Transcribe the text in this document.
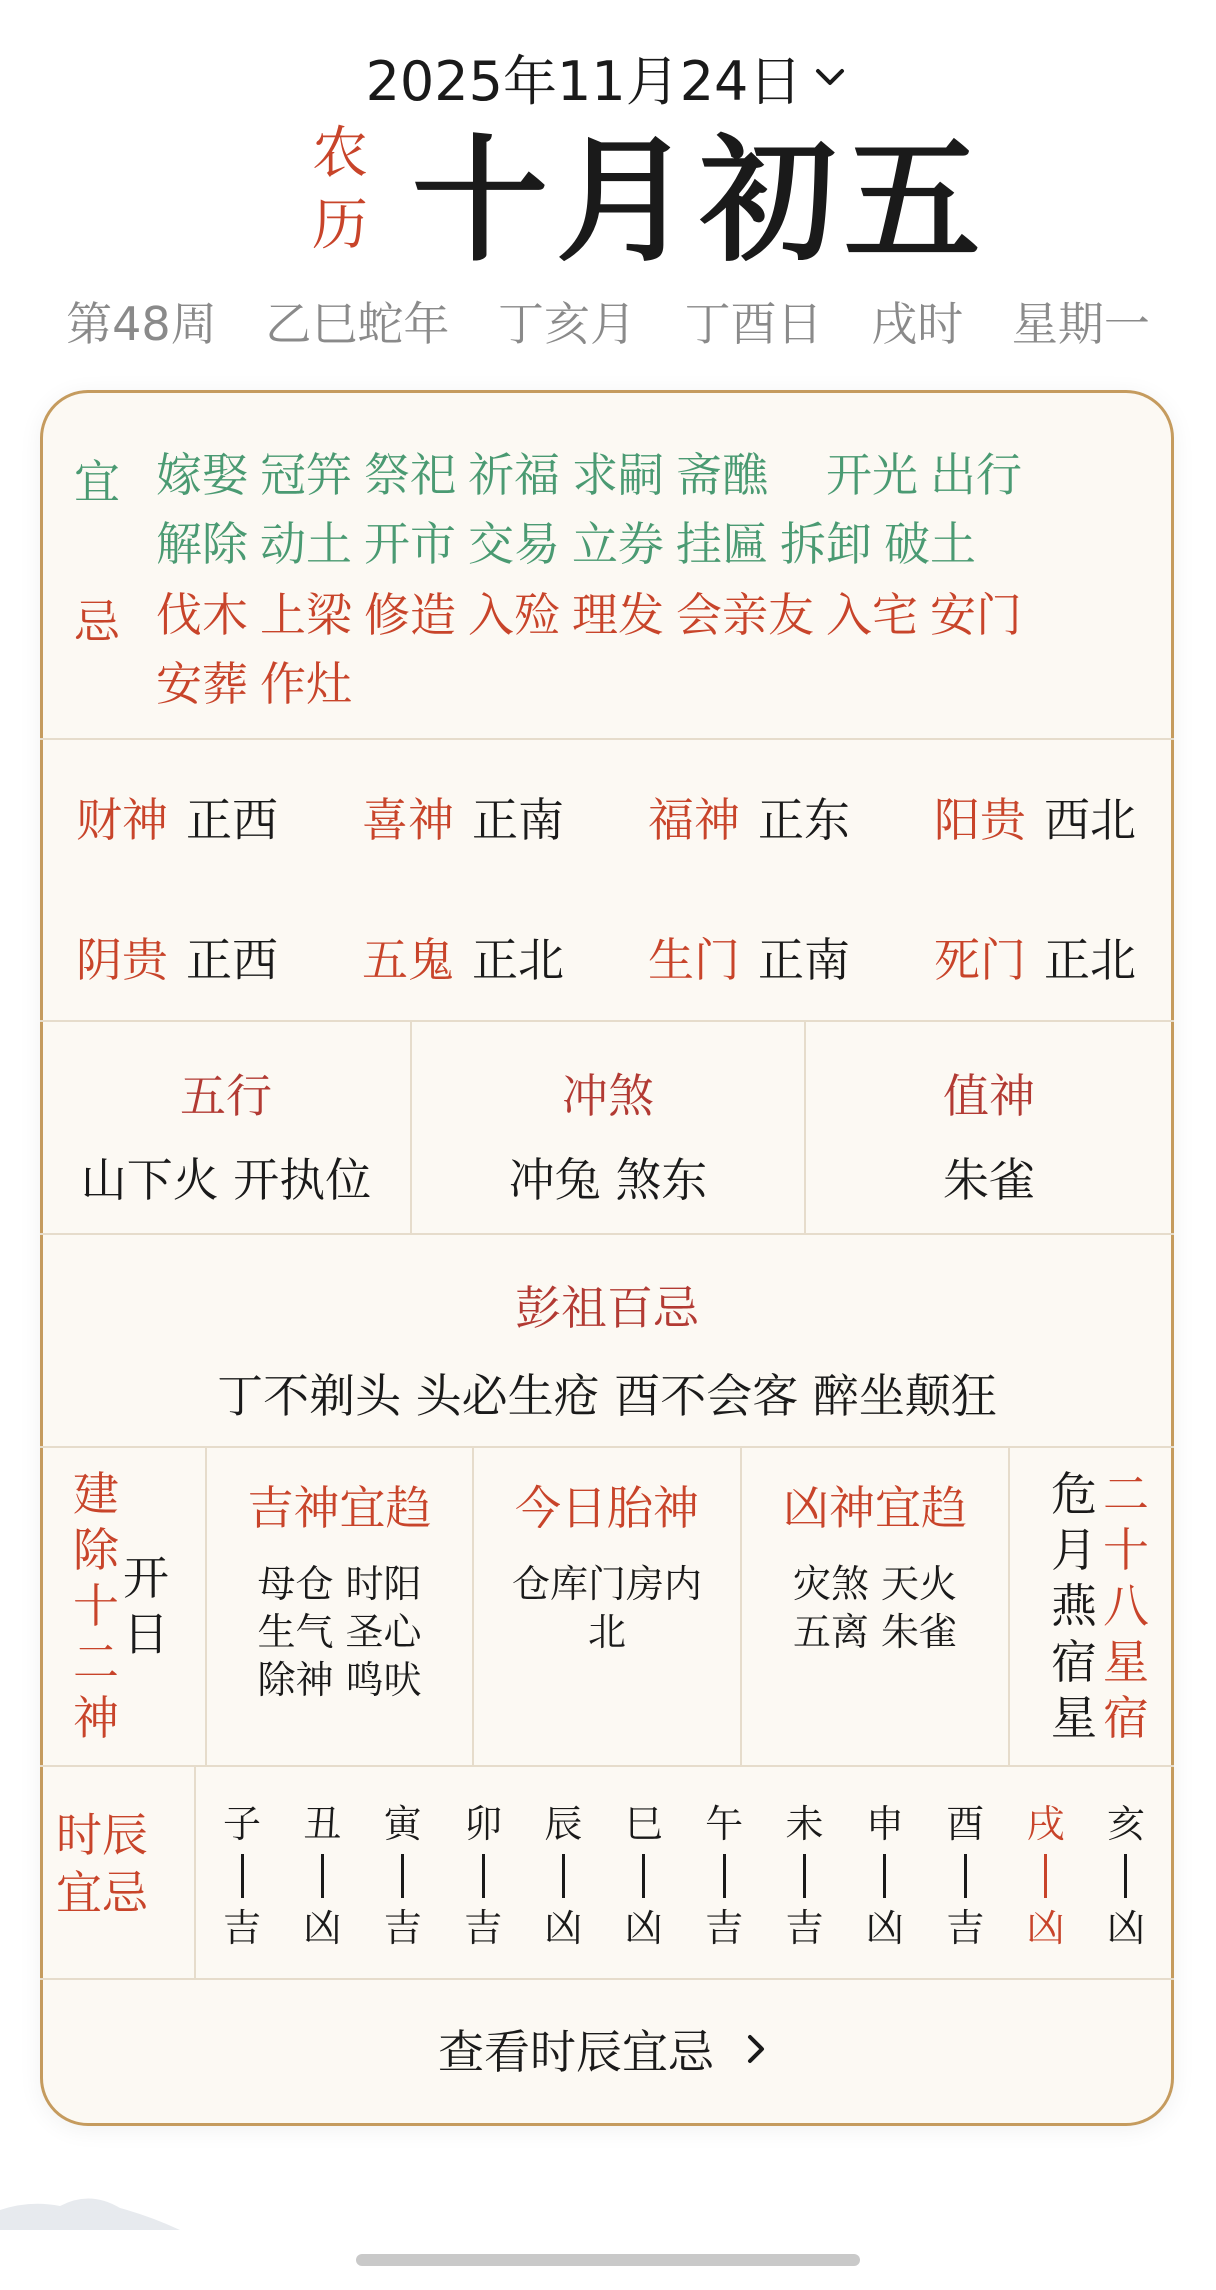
2025年11月24日
农
历 十月初五
第48周 乙巳蛇年 丁亥月 丁酉日 戌时 星期一
宜 嫁娶 冠笄 祭祀 祈福 求嗣 斋醮 开光 出行
解除 动土 开市 交易 立券 挂匾 拆卸 破土
忌 伐木 上梁 修造 入殓 理发 会亲友 入宅 安门
安葬 作灶
财神 正西 喜神 正南 福神 正东 阳贵 西北
阴贵 正西 五鬼 正北 生门 正南 死门 正北
五行
山下火 开执位
冲煞
冲兔 煞东
值神
朱雀
彭祖百忌
丁不剃头 头必生疮 酉不会客 醉坐颠狂
建
除
十
二
神
开
日
吉神宜趋
母仓 时阳
生气 圣心
除神 鸣吠
今日胎神
仓库门房内
北
凶神宜趋
灾煞 天火
五离 朱雀
危
月
燕
宿
星
二
十
八
星
宿
时辰
宜忌
子
吉
丑
凶
寅
吉
卯
吉
辰
凶
巳
凶
午
吉
未
吉
申
凶
酉
吉
戌
凶
亥
凶
查看时辰宜忌
